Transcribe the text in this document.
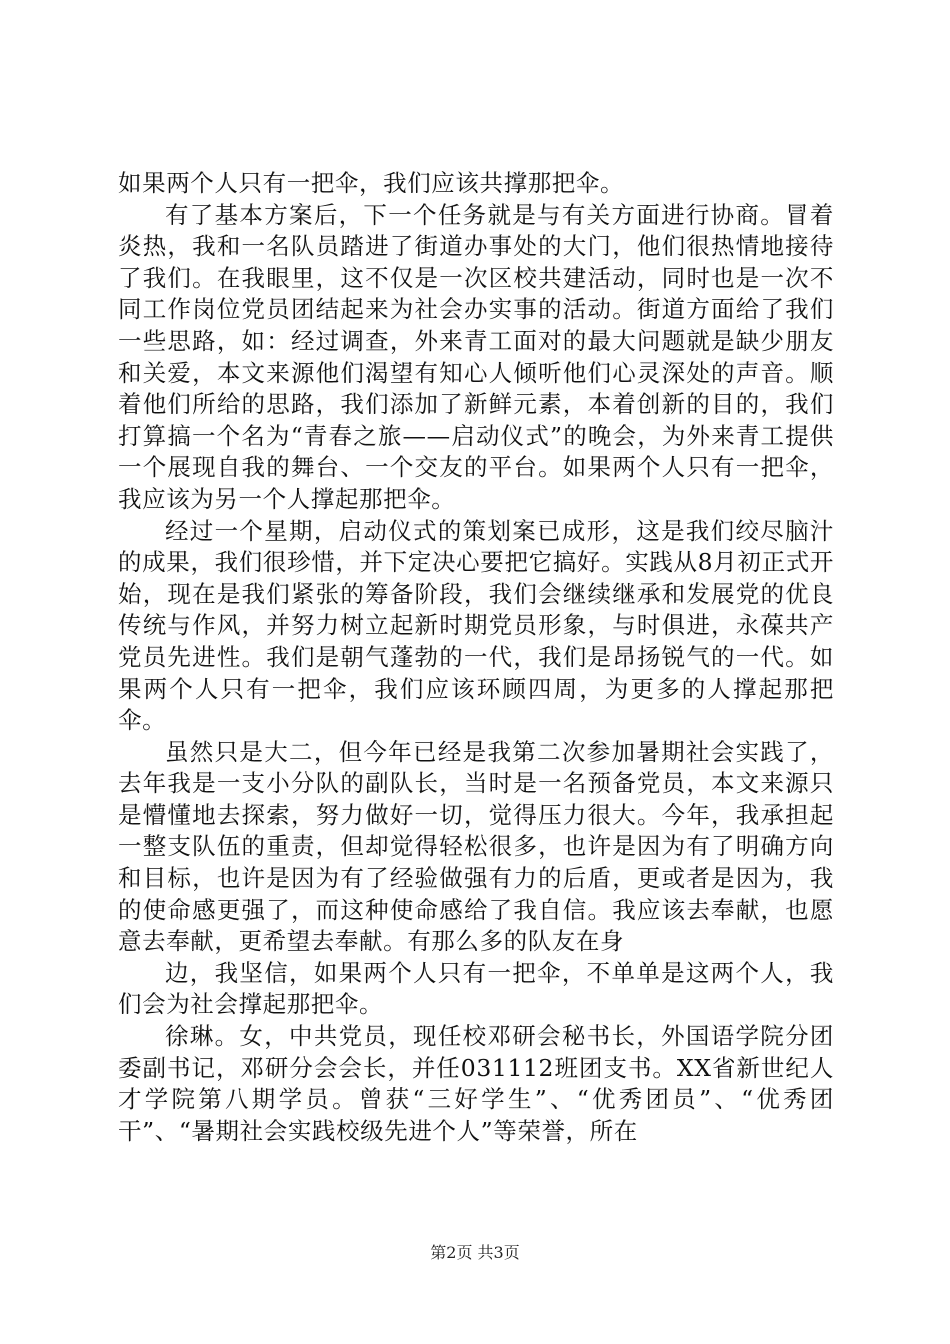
如果两个人只有一把伞，我们应该共撑那把伞。

有了基本方案后，下一个任务就是与有关方面进行协商。冒着炎热，我和一名队员踏进了街道办事处的大门，他们很热情地接待了我们。在我眼里，这不仅是一次区校共建活动，同时也是一次不同工作岗位党员团结起来为社会办实事的活动。街道方面给了我们一些思路，如：经过调查，外来青工面对的最大问题就是缺少朋友和关爱，本文来源他们渴望有知心人倾听他们心灵深处的声音。顺着他们所给的思路，我们添加了新鲜元素，本着创新的目的，我们打算搞一个名为“青春之旅——启动仪式”的晚会，为外来青工提供一个展现自我的舞台、一个交友的平台。如果两个人只有一把伞，我应该为另一个人撑起那把伞。

经过一个星期，启动仪式的策划案已成形，这是我们绞尽脑汁的成果，我们很珍惜，并下定决心要把它搞好。实践从8月初正式开始，现在是我们紧张的筹备阶段，我们会继续继承和发展党的优良传统与作风，并努力树立起新时期党员形象，与时俱进，永葆共产党员先进性。我们是朝气蓬勃的一代，我们是昂扬锐气的一代。如果两个人只有一把伞，我们应该环顾四周，为更多的人撑起那把伞。

虽然只是大二，但今年已经是我第二次参加暑期社会实践了，去年我是一支小分队的副队长，当时是一名预备党员，本文来源只是懵懂地去探索，努力做好一切，觉得压力很大。今年，我承担起一整支队伍的重责，但却觉得轻松很多，也许是因为有了明确方向和目标，也许是因为有了经验做强有力的后盾，更或者是因为，我的使命感更强了，而这种使命感给了我自信。我应该去奉献，也愿意去奉献，更希望去奉献。有那么多的队友在身

边，我坚信，如果两个人只有一把伞，不单单是这两个人，我们会为社会撑起那把伞。

徐琳。女，中共党员，现任校邓研会秘书长，外国语学院分团委副书记，邓研分会会长，并任031112班团支书。XX省新世纪人才学院第八期学员。曾获“三好学生”、“优秀团员”、“优秀团干”、“暑期社会实践校级先进个人”等荣誉，所在

第2页 共3页
